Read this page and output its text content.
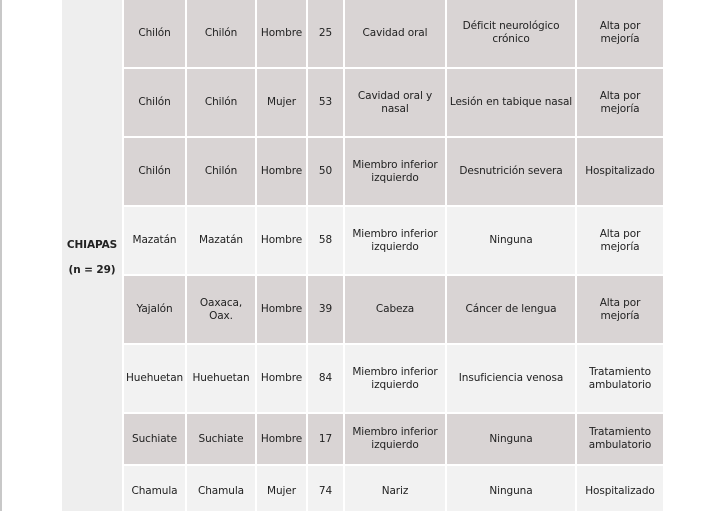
CHIAPAS
(n = 29)	Chilón	Chilón	Hombre	25	Cavidad oral	Déficit neurológico crónico	Alta por mejoría
	Chilón	Chilón	Mujer	53	Cavidad oral y nasal	Lesión en tabique nasal	Alta por mejoría
	Chilón	Chilón	Hombre	50	Miembro inferior izquierdo	Desnutrición severa	Hospitalizado
	Mazatán	Mazatán	Hombre	58	Miembro inferior izquierdo	Ninguna	Alta por mejoría
	Yajalón	Oaxaca, Oax.	Hombre	39	Cabeza	Cáncer de lengua	Alta por mejoría
	Huehuetan	Huehuetan	Hombre	84	Miembro inferior izquierdo	Insuficiencia venosa	Tratamiento ambulatorio
	Suchiate	Suchiate	Hombre	17	Miembro inferior izquierdo	Ninguna	Tratamiento ambulatorio
	Chamula	Chamula	Mujer	74	Nariz	Ninguna	Hospitalizado
